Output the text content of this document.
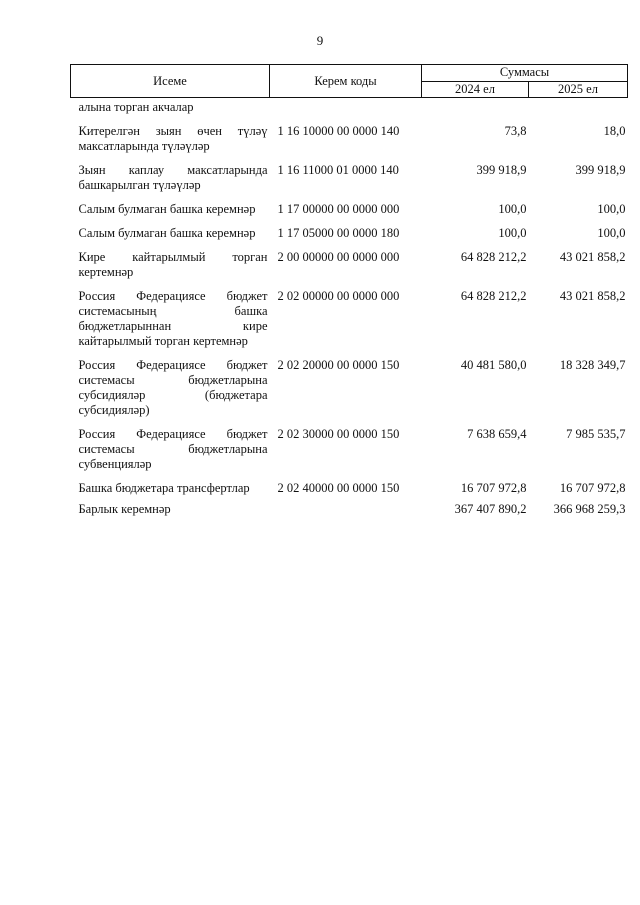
9
Исеме	Керем коды	Суммасы	
		2024 ел	2025 ел
алына торган акчалар			
Китерелгән зыян өчен түләү максатларында түләүләр	1 16 10000 00 0000 140	73,8	18,0
Зыян каплау максатларында башкарылган түләүләр	1 16 11000 01 0000 140	399 918,9	399 918,9
Салым булмаган башка керемнәр	1 17 00000 00 0000 000	100,0	100,0
Салым булмаган башка керемнәр	1 17 05000 00 0000 180	100,0	100,0
Кире кайтарылмый торган кертемнәр	2 00 00000 00 0000 000	64 828 212,2	43 021 858,2
Россия Федерациясе бюджет системасының башка бюджетларыннан кире кайтарылмый торган кертемнәр	2 02 00000 00 0000 000	64 828 212,2	43 021 858,2
Россия Федерациясе бюджет системасы бюджетларына субсидияләр (бюджетара субсидияләр)	2 02 20000 00 0000 150	40 481 580,0	18 328 349,7
Россия Федерациясе бюджет системасы бюджетларына субвенцияләр	2 02 30000 00 0000 150	7 638 659,4	7 985 535,7
Башка бюджетара трансфертлар	2 02 40000 00 0000 150	16 707 972,8	16 707 972,8
Барлык керемнәр		367 407 890,2	366 968 259,3
